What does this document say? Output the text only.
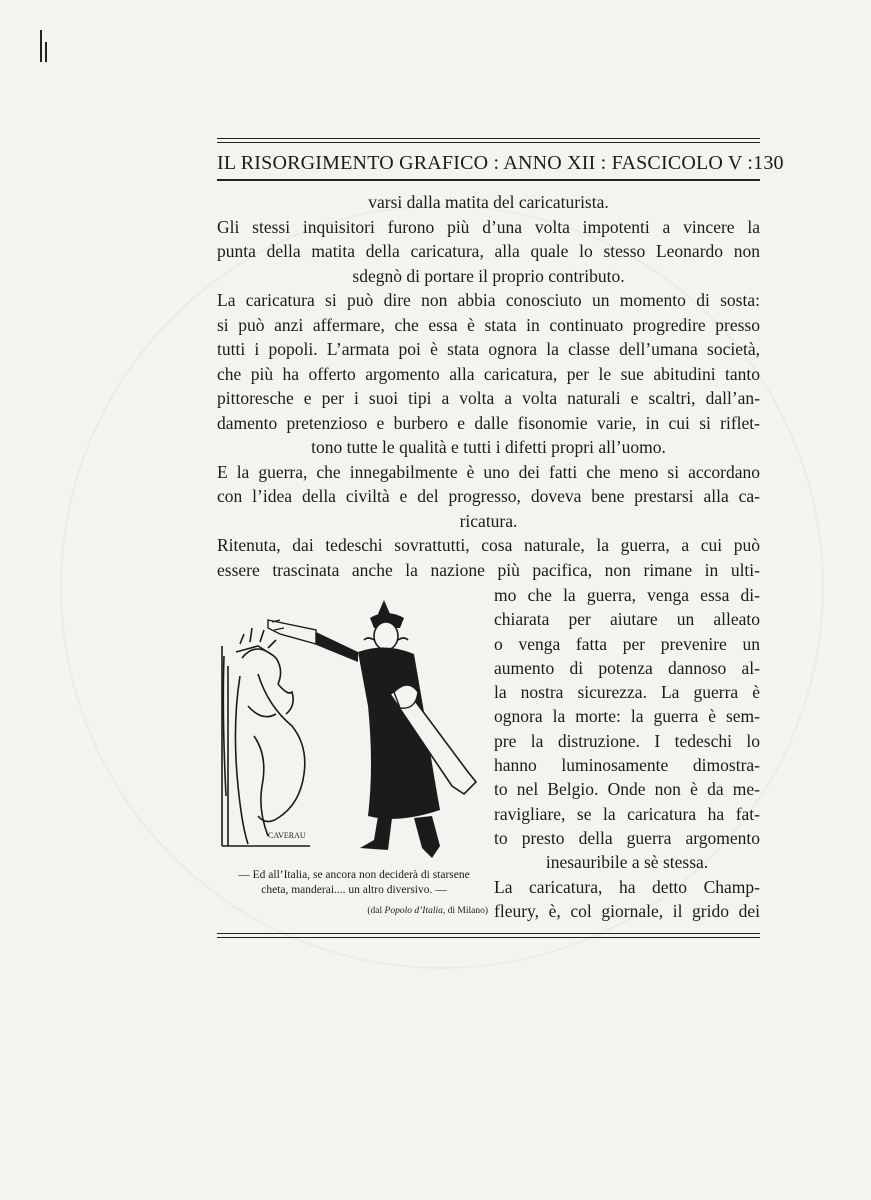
IL RISORGIMENTO GRAFICO : ANNO XII : FASCICOLO V : 130
varsi dalla matita del caricaturista.
Gli stessi inquisitori furono più d’una volta impotenti a vincere la
punta della matita della caricatura, alla quale lo stesso Leonardo non
sdegnò di portare il proprio contributo.
La caricatura si può dire non abbia conosciuto un momento di sosta:
si può anzi affermare, che essa è stata in continuato progredire presso
tutti i popoli. L’armata poi è stata ognora la classe dell’umana società,
che più ha offerto argomento alla caricatura, per le sue abitudini tanto
pittoresche e per i suoi tipi a volta a volta naturali e scaltri, dall’an-
damento pretenzioso e burbero e dalle fisonomie varie, in cui si riflet-
tono tutte le qualità e tutti i difetti propri all’uomo.
E la guerra, che innegabilmente è uno dei fatti che meno si accordano
con l’idea della civiltà e del progresso, doveva bene prestarsi alla ca-
ricatura.
Ritenuta, dai tedeschi sovrattutti, cosa naturale, la guerra, a cui può
essere trascinata anche la nazione più pacifica, non rimane in ulti-
CAVERAU
mo che la guerra, venga essa di-
chiarata per aiutare un alleato
o venga fatta per prevenire un
aumento di potenza dannoso al-
la nostra sicurezza. La guerra è
ognora la morte: la guerra è sem-
pre la distruzione. I tedeschi lo
hanno luminosamente dimostra-
to nel Belgio. Onde non è da me-
ravigliare, se la caricatura ha fat-
to presto della guerra argomento
inesauribile a sè stessa.
La caricatura, ha detto Champ-
fleury, è, col giornale, il grido dei
— Ed all’Italia, se ancora non deciderà di starsene
cheta, manderai.... un altro diversivo. —
(dal Popolo d’Italia, di Milano)
